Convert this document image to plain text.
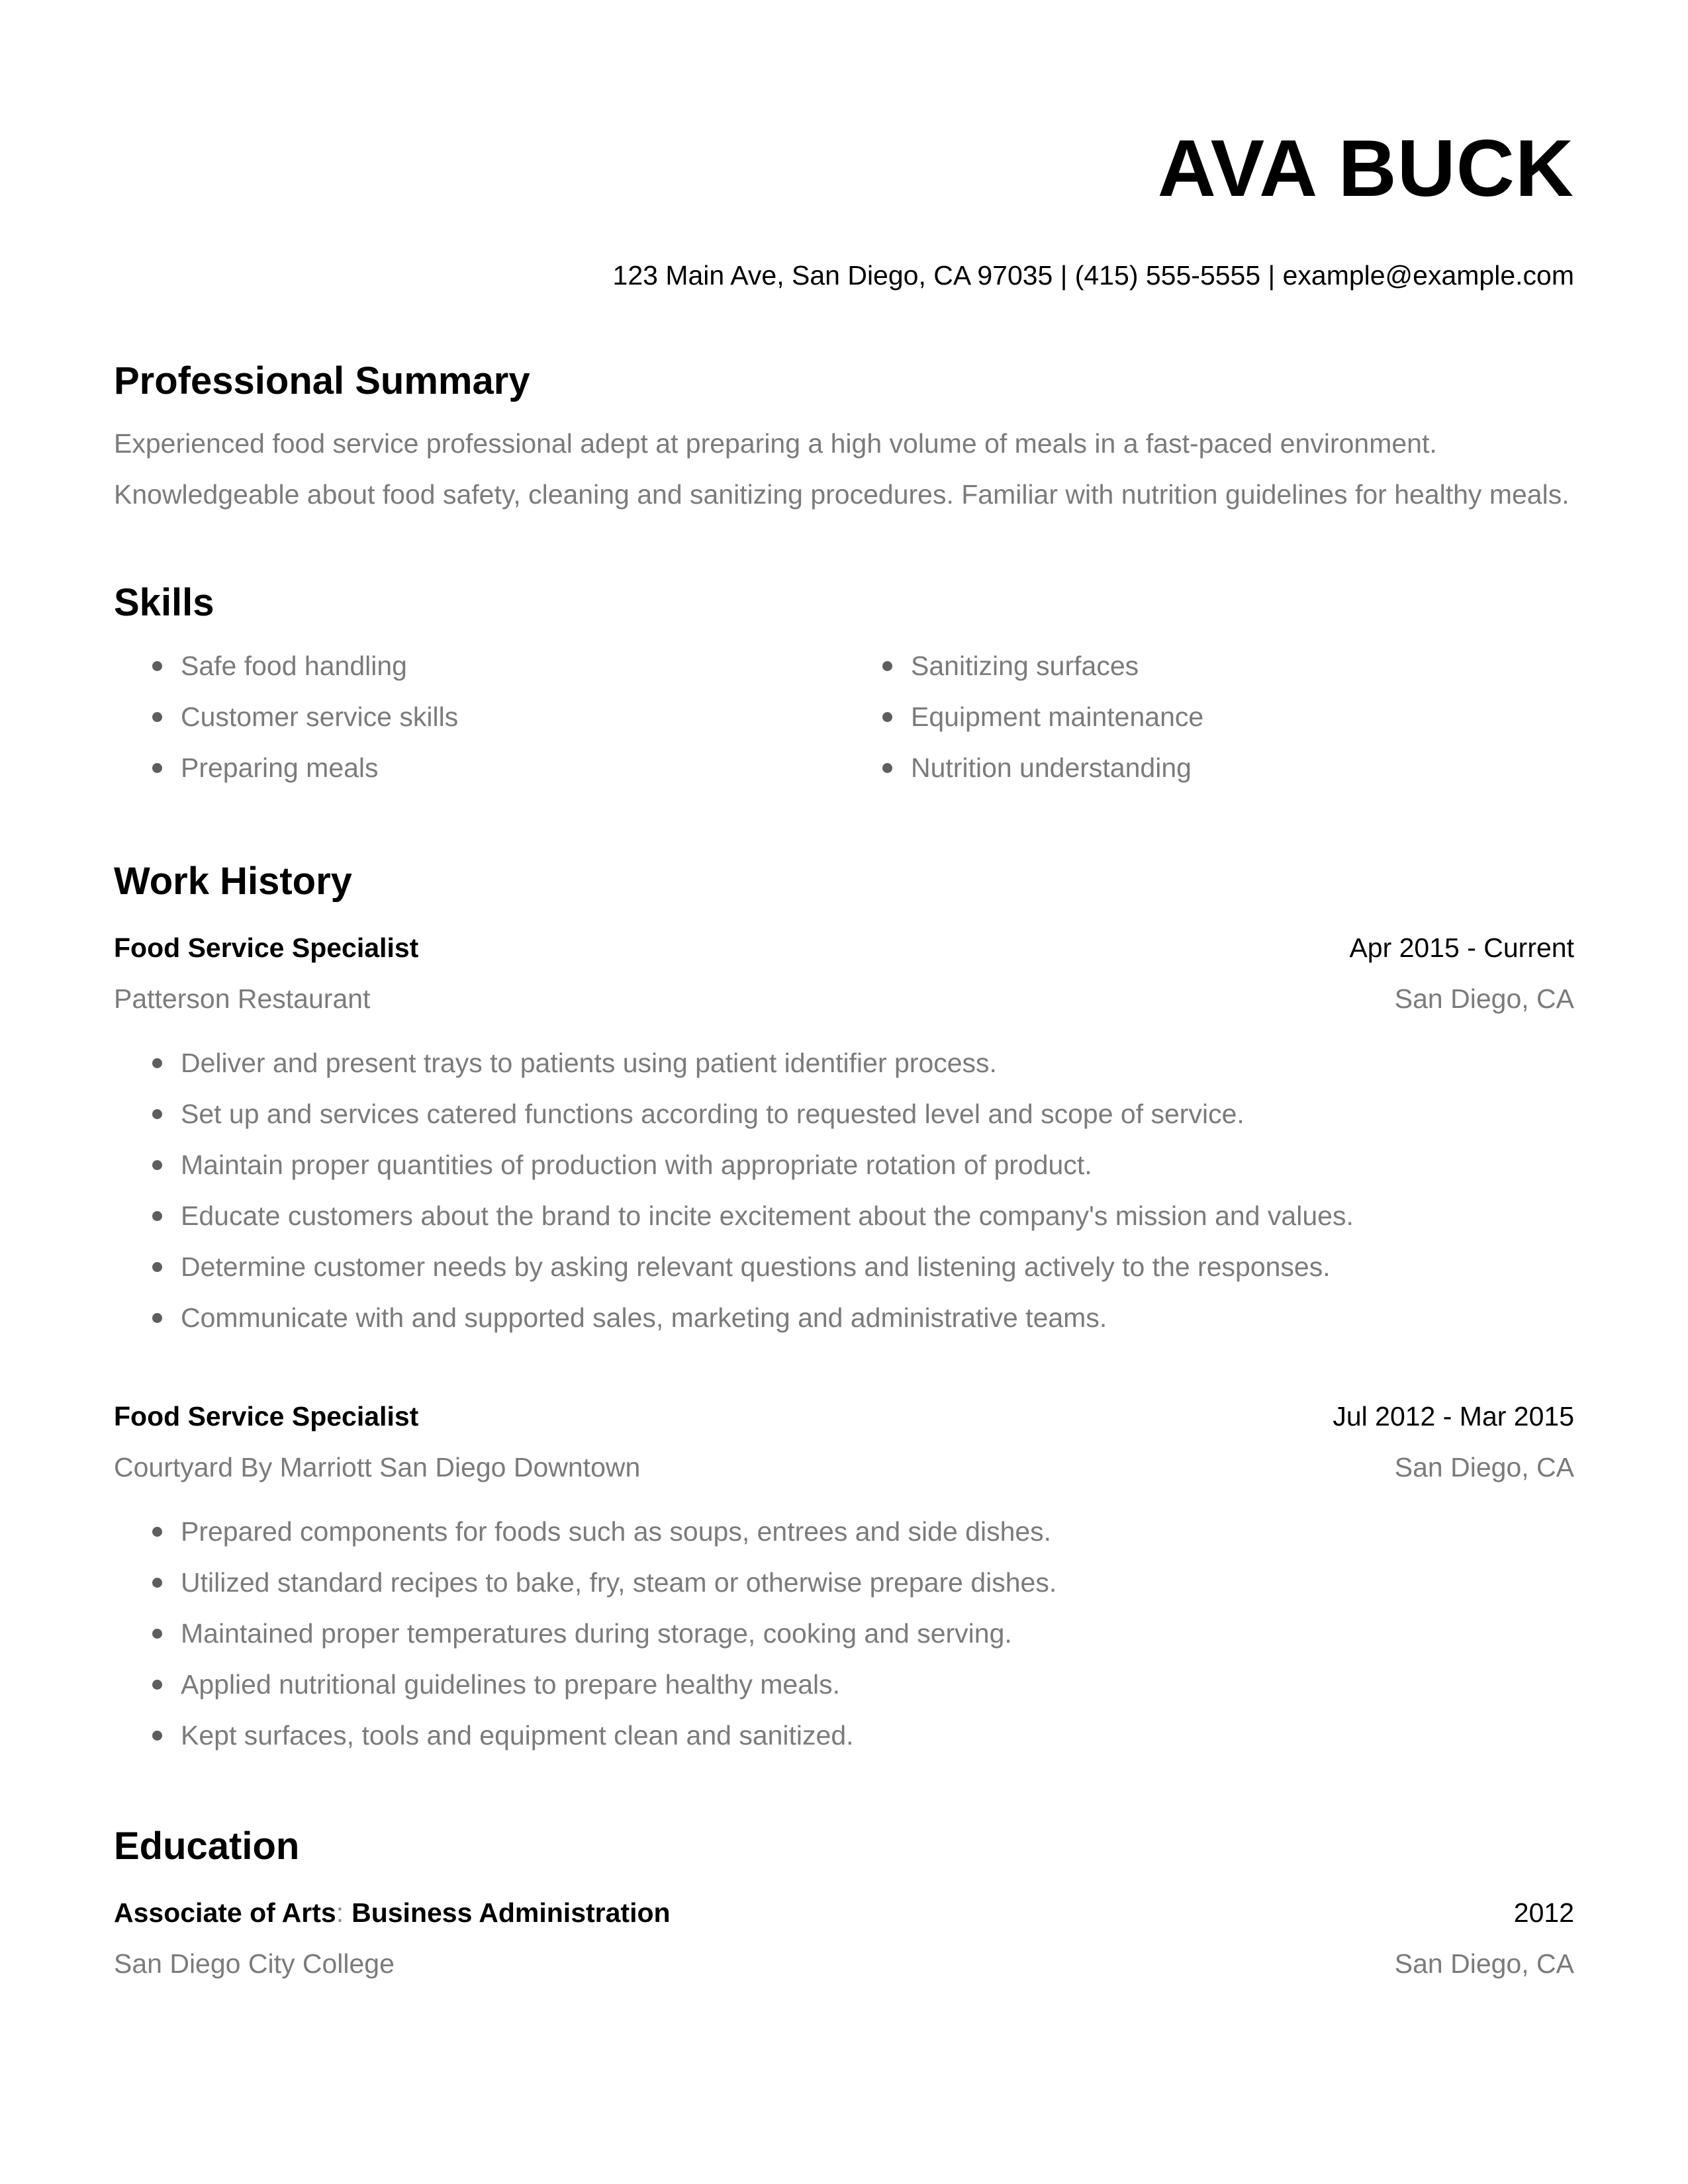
AVA BUCK

123 Main Ave, San Diego, CA 97035 | (415) 555-5555 | example@example.com

Professional Summary

Experienced food service professional adept at preparing a high volume of meals in a fast-paced environment. Knowledgeable about food safety, cleaning and sanitizing procedures. Familiar with nutrition guidelines for healthy meals.

Skills
Safe food handling	Sanitizing surfaces
Customer service skills	Equipment maintenance
Preparing meals	Nutrition understanding
Work History
Food Service Specialist	Apr 2015 - Current
Patterson Restaurant	San Diego, CA
Deliver and present trays to patients using patient identifier process.
Set up and services catered functions according to requested level and scope of service.
Maintain proper quantities of production with appropriate rotation of product.
Educate customers about the brand to incite excitement about the company's mission and values.
Determine customer needs by asking relevant questions and listening actively to the responses.
Communicate with and supported sales, marketing and administrative teams.
Food Service Specialist	Jul 2012 - Mar 2015
Courtyard By Marriott San Diego Downtown	San Diego, CA
Prepared components for foods such as soups, entrees and side dishes.
Utilized standard recipes to bake, fry, steam or otherwise prepare dishes.
Maintained proper temperatures during storage, cooking and serving.
Applied nutritional guidelines to prepare healthy meals.
Kept surfaces, tools and equipment clean and sanitized.
Education
Associate of Arts: Business Administration	2012
San Diego City College	San Diego, CA
